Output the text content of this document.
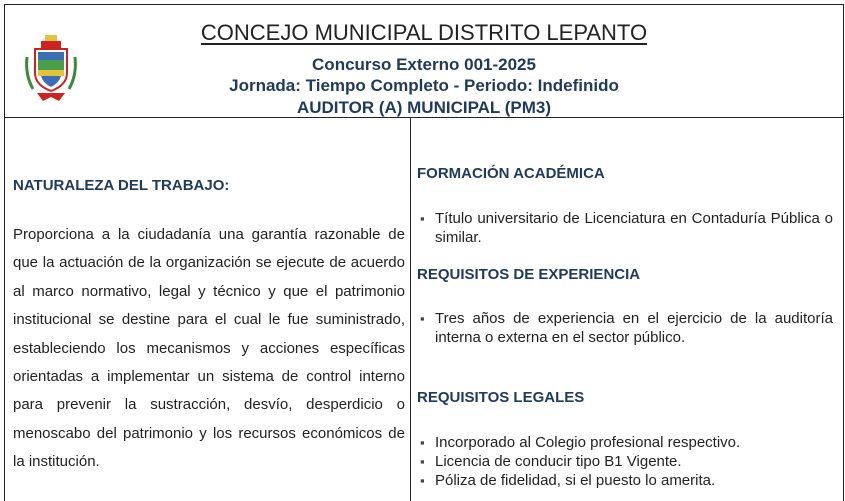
CONCEJO MUNICIPAL DISTRITO LEPANTO
Concurso Externo 001-2025
Jornada: Tiempo Completo - Periodo: Indefinido
AUDITOR (A) MUNICIPAL (PM3)
NATURALEZA DEL TRABAJO:
Proporciona a la ciudadanía una garantía razonable de que la actuación de la organización se ejecute de acuerdo al marco normativo, legal y técnico y que el patrimonio institucional se destine para el cual le fue suministrado, estableciendo los mecanismos y acciones específicas orientadas a implementar un sistema de control interno para prevenir la sustracción, desvío, desperdicio o menoscabo del patrimonio y los recursos económicos de la institución.
FORMACIÓN ACADÉMICA
▪ Título universitario de Licenciatura en Contaduría Pública o similar.
REQUISITOS DE EXPERIENCIA
▪ Tres años de experiencia en el ejercicio de la auditoría interna o externa en el sector público.
REQUISITOS LEGALES
▪ Incorporado al Colegio profesional respectivo.
▪ Licencia de conducir tipo B1 Vigente.
▪ Póliza de fidelidad, si el puesto lo amerita.
